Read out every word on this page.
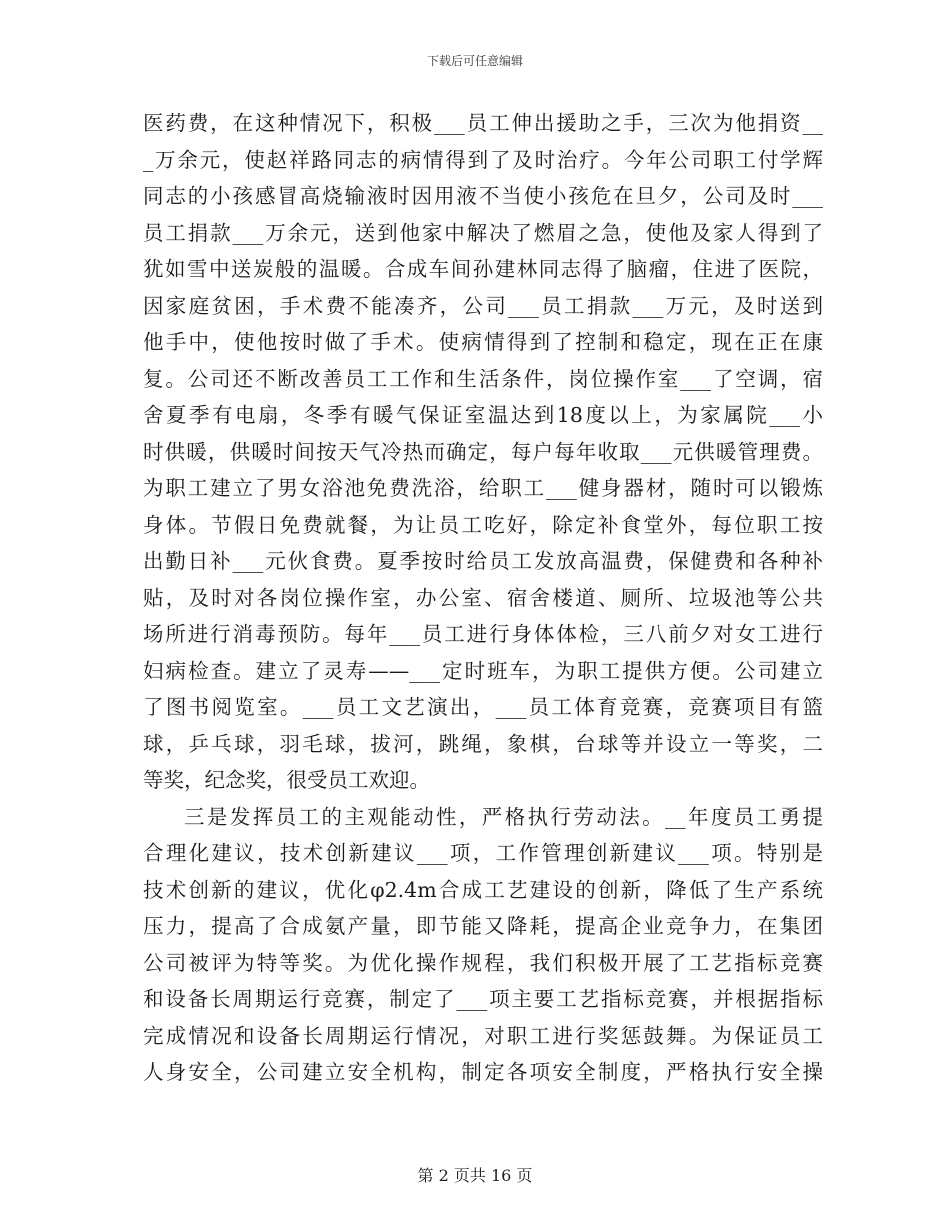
下载后可任意编辑
医药费，在这种情况下，积极___员工伸出援助之手，三次为他捐资__
_万余元，使赵祥路同志的病情得到了及时治疗。今年公司职工付学辉
同志的小孩感冒高烧输液时因用液不当使小孩危在旦夕，公司及时___
员工捐款___万余元，送到他家中解决了燃眉之急，使他及家人得到了
犹如雪中送炭般的温暖。合成车间孙建林同志得了脑瘤，住进了医院，
因家庭贫困，手术费不能凑齐，公司___员工捐款___万元，及时送到
他手中，使他按时做了手术。使病情得到了控制和稳定，现在正在康
复。公司还不断改善员工工作和生活条件，岗位操作室___了空调，宿
舍夏季有电扇，冬季有暖气保证室温达到18度以上，为家属院___小
时供暖，供暖时间按天气冷热而确定，每户每年收取___元供暖管理费。
为职工建立了男女浴池免费洗浴，给职工___健身器材，随时可以锻炼
身体。节假日免费就餐，为让员工吃好，除定补食堂外，每位职工按
出勤日补___元伙食费。夏季按时给员工发放高温费，保健费和各种补
贴，及时对各岗位操作室，办公室、宿舍楼道、厕所、垃圾池等公共
场所进行消毒预防。每年___员工进行身体体检，三八前夕对女工进行
妇病检查。建立了灵寿——___定时班车，为职工提供方便。公司建立
了图书阅览室。___员工文艺演出，___员工体育竞赛，竞赛项目有篮
球，乒乓球，羽毛球，拔河，跳绳，象棋，台球等并设立一等奖，二
等奖，纪念奖，很受员工欢迎。
三是发挥员工的主观能动性，严格执行劳动法。__年度员工勇提
合理化建议，技术创新建议___项，工作管理创新建议___项。特别是
技术创新的建议，优化φ2.4m合成工艺建设的创新，降低了生产系统
压力，提高了合成氨产量，即节能又降耗，提高企业竞争力，在集团
公司被评为特等奖。为优化操作规程，我们积极开展了工艺指标竞赛
和设备长周期运行竞赛，制定了___项主要工艺指标竞赛，并根据指标
完成情况和设备长周期运行情况，对职工进行奖惩鼓舞。为保证员工
人身安全，公司建立安全机构，制定各项安全制度，严格执行安全操
第 2 页共 16 页
